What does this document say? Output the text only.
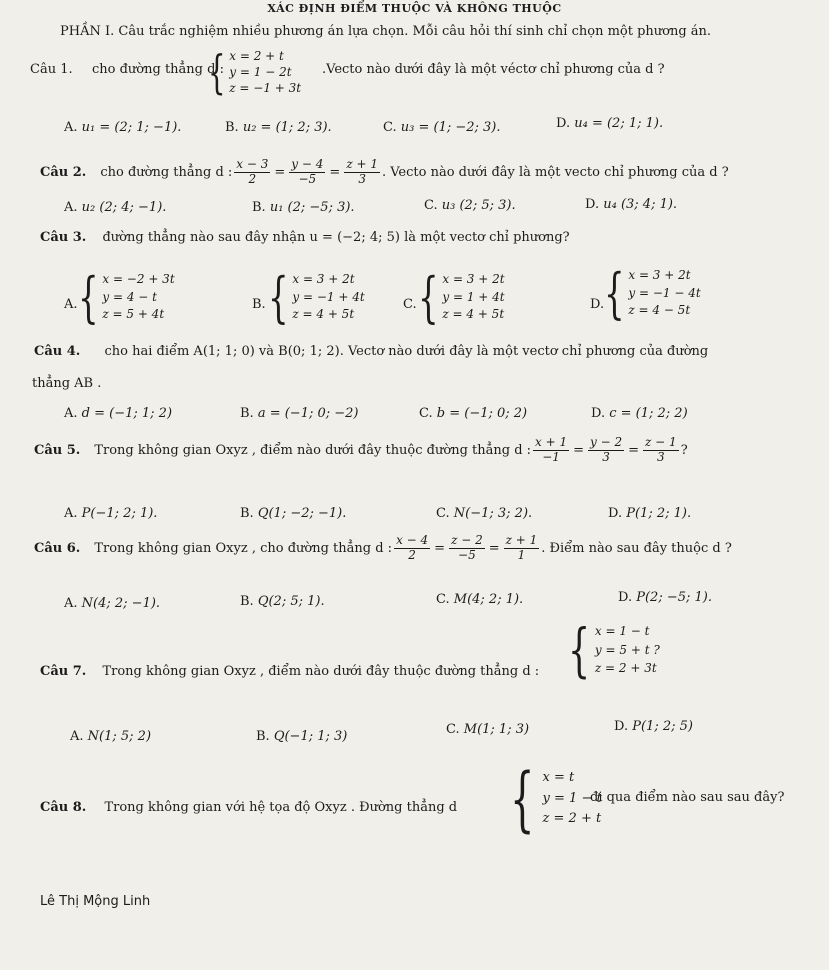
XÁC ĐỊNH ĐIỂM THUỘC VÀ KHÔNG THUỘC
PHẦN I. Câu trắc nghiệm nhiều phương án lựa chọn. Mỗi câu hỏi thí sinh chỉ chọn một phương án.
Câu 1. cho đường thẳng d :
{ x = 2 + t
y = 1 − 2t
z = −1 + 3t
.Vecto nào dưới đây là một véctơ chỉ phương của d ?
A. u₁ = (2; 1; −1).	B. u₂ = (1; 2; 3).	C. u₃ = (1; −2; 3).	D. u₄ = (2; 1; 1).
Câu 2. cho đường thẳng d : $\frac{x - 3}{2} = \frac{y - 4}{-5} = \frac{z + 1}{3}$ . Vecto nào dưới đây là một vecto chỉ phương của d ?
A. u₂ (2; 4; −1).	B. u₁ (2; −5; 3).	C. u₃ (2; 5; 3).	D. u₄ (3; 4; 1).
Câu 3. đường thẳng nào sau đây nhận u = (−2; 4; 5) là một vectơ chỉ phương?
A. { x = −2 + 3t
y = 4 − t
z = 5 + 4t
B. { x = 3 + 2t
y = −1 + 4t
z = 4 + 5t
C. { x = 3 + 2t
y = 1 + 4t
z = 4 + 5t
D. { x = 3 + 2t
y = −1 − 4t
z = 4 − 5t
Câu 4. cho hai điểm A(1; 1; 0) và B(0; 1; 2). Vectơ nào dưới đây là một vectơ chỉ phương của đường
thẳng AB .
A. d = (−1; 1; 2)	B. a = (−1; 0; −2)	C. b = (−1; 0; 2)	D. c = (1; 2; 2)
Câu 5. Trong không gian Oxyz , điểm nào dưới đây thuộc đường thẳng d : $\frac{x + 1}{-1} = \frac{y - 2}{3} = \frac{z - 1}{3}$ ?
A. P(−1; 2; 1).	B. Q(1; −2; −1).	C. N(−1; 3; 2).	D. P(1; 2; 1).
Câu 6. Trong không gian Oxyz , cho đường thẳng d : $\frac{x - 4}{2} = \frac{z - 2}{-5} = \frac{z + 1}{1}$ . Điểm nào sau đây thuộc d ?
A. N(4; 2; −1).	B. Q(2; 5; 1).	C. M(4; 2; 1).	D. P(2; −5; 1).
Câu 7. Trong không gian Oxyz , điểm nào dưới đây thuộc đường thẳng d : { x = 1 − t
y = 5 + t ?
z = 2 + 3t
A. N(1; 5; 2)	B. Q(−1; 1; 3)	C. M(1; 1; 3)	D. P(1; 2; 5)
Câu 8. Trong không gian với hệ tọa độ Oxyz . Đường thẳng d { x = t
y = 1 − t
z = 2 + t
đi qua điểm nào sau sau đây?
Lê Thị Mộng Linh
